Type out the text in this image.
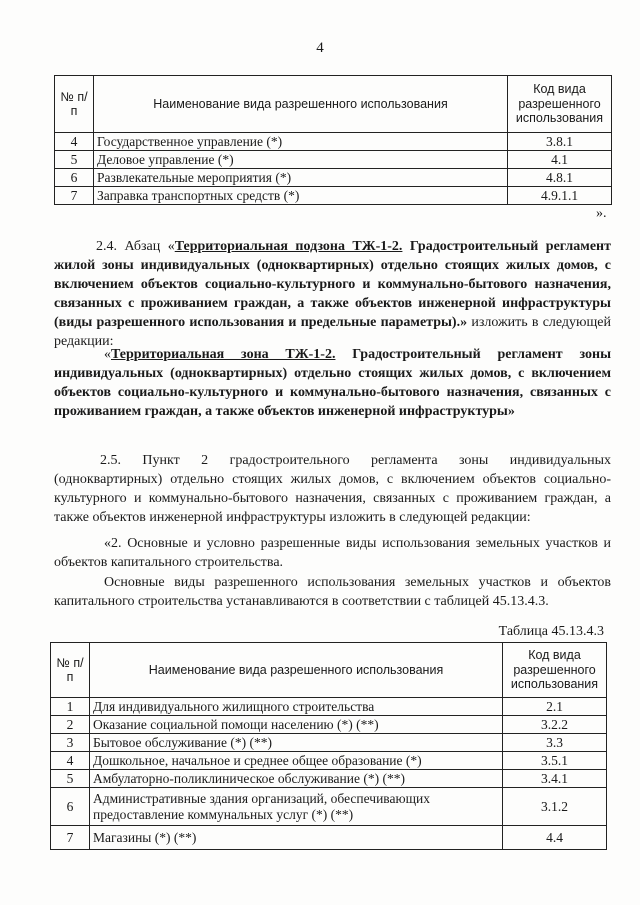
4
№ п/п	Наименование вида разрешенного использования	Код вида разрешенного использования
4	Государственное управление (*)	3.8.1
5	Деловое управление (*)	4.1
6	Развлекательные мероприятия (*)	4.8.1
7	Заправка транспортных средств (*)	4.9.1.1
».
2.4. Абзац «Территориальная подзона ТЖ-1-2. Градостроительный регламент жилой зоны индивидуальных (одноквартирных) отдельно стоящих жилых домов, с включением объектов социально-культурного и коммунально-бытового назначения, связанных с проживанием граждан, а также объектов инженерной инфраструктуры (виды разрешенного использования и предельные параметры).» изложить в следующей редакции:
«Территориальная зона ТЖ-1-2. Градостроительный регламент зоны индивидуальных (одноквартирных) отдельно стоящих жилых домов, с включением объектов социально-культурного и коммунально-бытового назначения, связанных с проживанием граждан, а также объектов инженерной инфраструктуры»
2.5. Пункт 2 градостроительного регламента зоны индивидуальных (одноквартирных) отдельно стоящих жилых домов, с включением объектов социально-культурного и коммунально-бытового назначения, связанных с проживанием граждан, а также объектов инженерной инфраструктуры изложить в следующей редакции:
«2. Основные и условно разрешенные виды использования земельных участков и объектов капитального строительства.
Основные виды разрешенного использования земельных участков и объектов капитального строительства устанавливаются в соответствии с таблицей 45.13.4.3.
Таблица 45.13.4.3
№ п/п	Наименование вида разрешенного использования	Код вида разрешенного использования
1	Для индивидуального жилищного строительства	2.1
2	Оказание социальной помощи населению (*) (**)	3.2.2
3	Бытовое обслуживание (*) (**)	3.3
4	Дошкольное, начальное и среднее общее образование (*)	3.5.1
5	Амбулаторно-поликлиническое обслуживание (*) (**)	3.4.1
6	Административные здания организаций, обеспечивающих предоставление коммунальных услуг (*) (**)	3.1.2
7	Магазины (*) (**)	4.4
